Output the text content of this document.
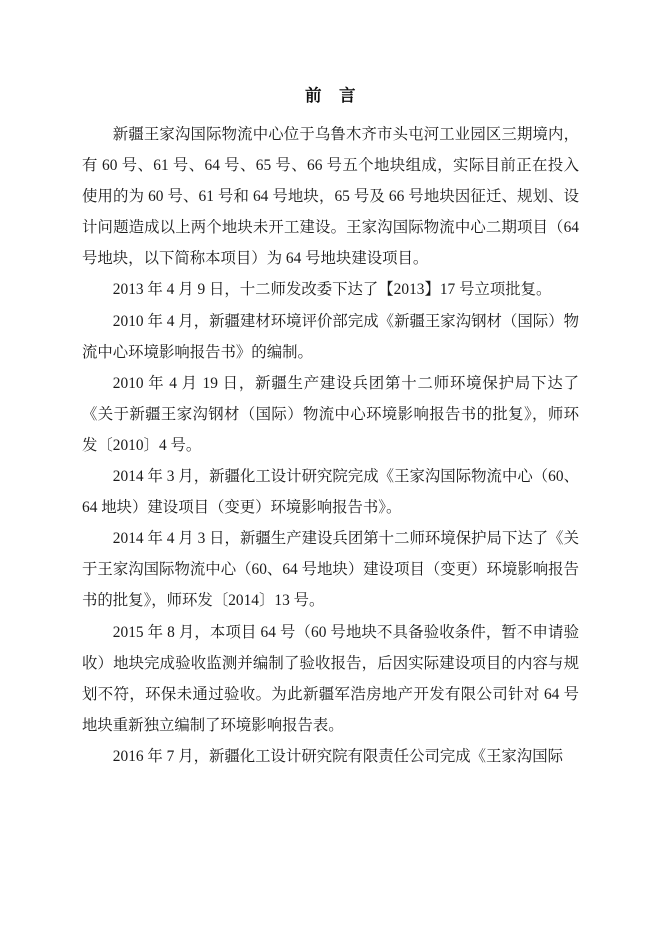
前　言

新疆王家沟国际物流中心位于乌鲁木齐市头屯河工业园区三期境内，有 60 号、61 号、64 号、65 号、66 号五个地块组成，实际目前正在投入使用的为 60 号、61 号和 64 号地块，65 号及 66 号地块因征迁、规划、设计问题造成以上两个地块未开工建设。王家沟国际物流中心二期项目（64 号地块，以下简称本项目）为 64 号地块建设项目。

2013 年 4 月 9 日，十二师发改委下达了【2013】17 号立项批复。

2010 年 4 月，新疆建材环境评价部完成《新疆王家沟钢材（国际）物流中心环境影响报告书》的编制。

2010 年 4 月 19 日，新疆生产建设兵团第十二师环境保护局下达了《关于新疆王家沟钢材（国际）物流中心环境影响报告书的批复》，师环发〔2010〕4 号。

2014 年 3 月，新疆化工设计研究院完成《王家沟国际物流中心（60、64 地块）建设项目（变更）环境影响报告书》。

2014 年 4 月 3 日，新疆生产建设兵团第十二师环境保护局下达了《关于王家沟国际物流中心（60、64 号地块）建设项目（变更）环境影响报告书的批复》，师环发〔2014〕13 号。

2015 年 8 月，本项目 64 号（60 号地块不具备验收条件，暂不申请验收）地块完成验收监测并编制了验收报告，后因实际建设项目的内容与规划不符，环保未通过验收。为此新疆军浩房地产开发有限公司针对 64 号地块重新独立编制了环境影响报告表。

2016 年 7 月，新疆化工设计研究院有限责任公司完成《王家沟国际
